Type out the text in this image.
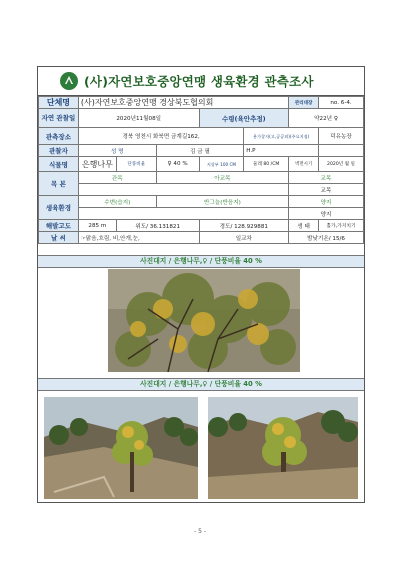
(사)자연보호중앙연맹 생육환경 관측조사
단체명	(사)자연보호중앙연맹 경상북도협의회					관리대장	no. 6-4.
자연 관찰일	2020년11월08일			수령(육안추정)		약22년 ♀	
관측장소	경북 영천시 화북면 금계길162,				용가창자(고,공공외)(주요지점)		덕유농장
관찰자	성 명		김 금 필		H.P		
식물명	은행나무	단풍비율	♀ 40 %	지상부 100 CM	둘레 80 /CM	벽면시기	2020년 월 일
목 본	관목		아교목			교목	
						교목	
생육환경	수변(습지)		반그늘(반음지)			양지	
						양지	
해발고도	285 m	위도/ 36.131821		경도/ 128.929881		생 태	홀가,가지치기
날 씨	☞맑음,흐림, 비,안개,눈,			일교차		밤낮기온/ 15/6	
사진대지 / 은행나무,♀ / 단풍비율 40 %
사진대지 / 은행나무,♀ / 단풍비율 40 %
- 5 -
